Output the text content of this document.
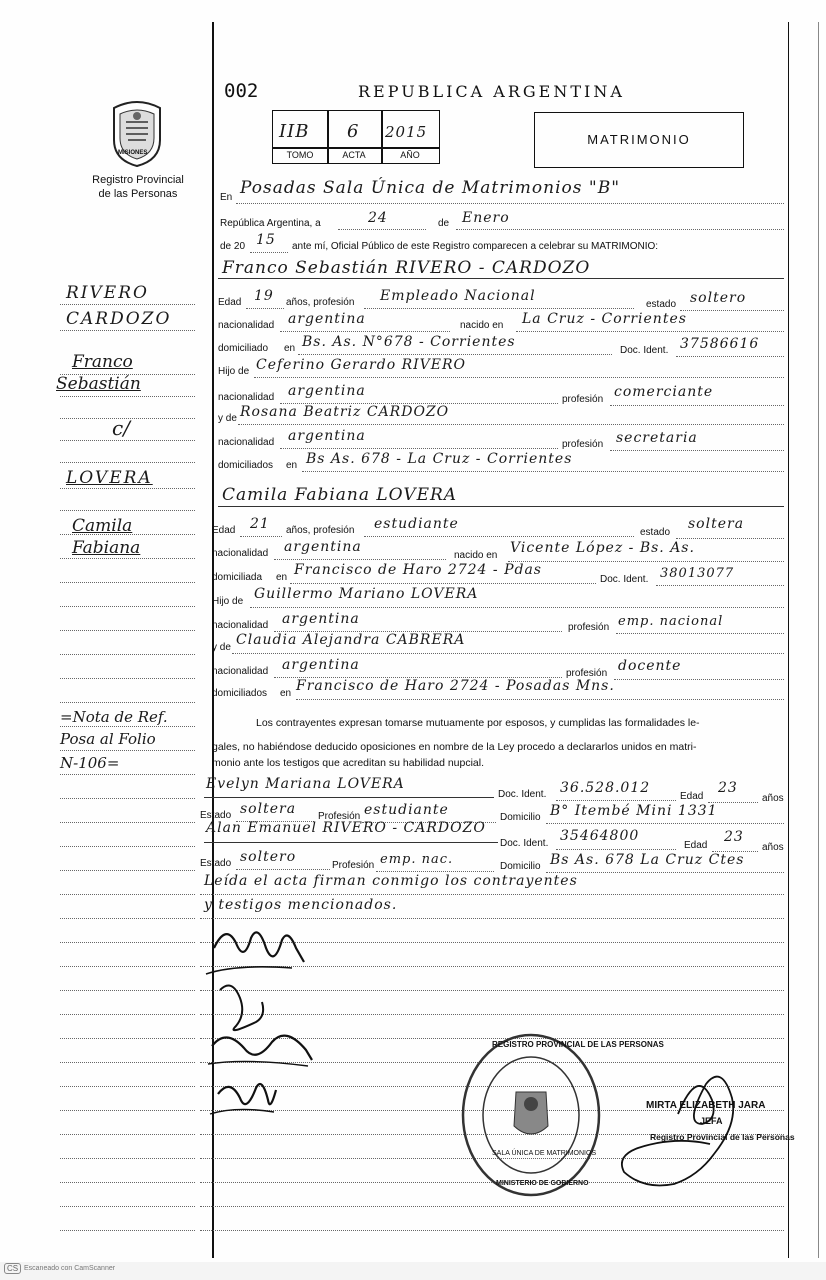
MISIONES
Registro Provincial
de las Personas
RIVERO
CARDOZO
Franco
Sebastián
c/
LOVERA
Camila
Fabiana
=Nota de Ref.
Posa al Folio
N-106=
002	REPUBLICA ARGENTINA
IIB 6 2015
TOMO	ACTA	AÑO
MATRIMONIO
En Posadas Sala Única de Matrimonios "B"
República Argentina, a	24	de Enero
de 20 15 ante mí, Oficial Público de este Registro comparecen a celebrar su MATRIMONIO:
Franco Sebastián RIVERO - CARDOZO
Edad 19 años, profesión Empleado Nacional
estado soltero
nacionalidad argentina	nacido en La Cruz - Corrientes
domiciliado en Bs. As. N°678 - Corrientes
Doc. Ident. 37586616
Hijo de Ceferino Gerardo RIVERO
nacionalidad argentina
profesión comerciante
y de Rosana Beatriz CARDOZO
nacionalidad argentina
profesión secretaria
domiciliados en Bs As. 678 - La Cruz - Corrientes
Camila Fabiana LOVERA
Edad 21 años, profesión estudiante
estado
soltera
nacionalidad argentina
nacido en Vicente López - Bs. As.
domiciliada en Francisco de Haro 2724 - Pdas
Doc. Ident. 38013077
Hijo de Guillermo Mariano LOVERA
nacionalidad argentina
profesión emp. nacional
y de Claudia Alejandra CABRERA
nacionalidad argentina
profesión docente
domiciliados en Francisco de Haro 2724 - Posadas Mns.
Los contrayentes expresan tomarse mutuamente por esposos, y cumplidas las formalidades le-
gales, no habiéndose deducido oposiciones en nombre de la Ley procedo a declararlos unidos en matri-
monio ante los testigos que acreditan su habilidad nupcial.
Evelyn Mariana LOVERA
Doc. Ident. 36.528.012
Edad
23
años
Estado soltera Profesión estudiante	Domicilio B° Itembé Mini 1331
Alan Emanuel RIVERO - CARDOZO
Doc. Ident. 35464800
Edad
23
años
Estado soltero
Profesión emp. nac.	Domicilio Bs As. 678 La Cruz Ctes
Leída el acta firman conmigo los contrayentes
y testigos mencionados.
REGISTRO PROVINCIAL DE LAS PERSONAS
SALA ÚNICA DE MATRIMONIOS
MINISTERIO DE GOBIERNO
MIRTA ELIZABETH JARA
JEFA
Registro Provincial de las Personas
CS Escaneado con CamScanner
